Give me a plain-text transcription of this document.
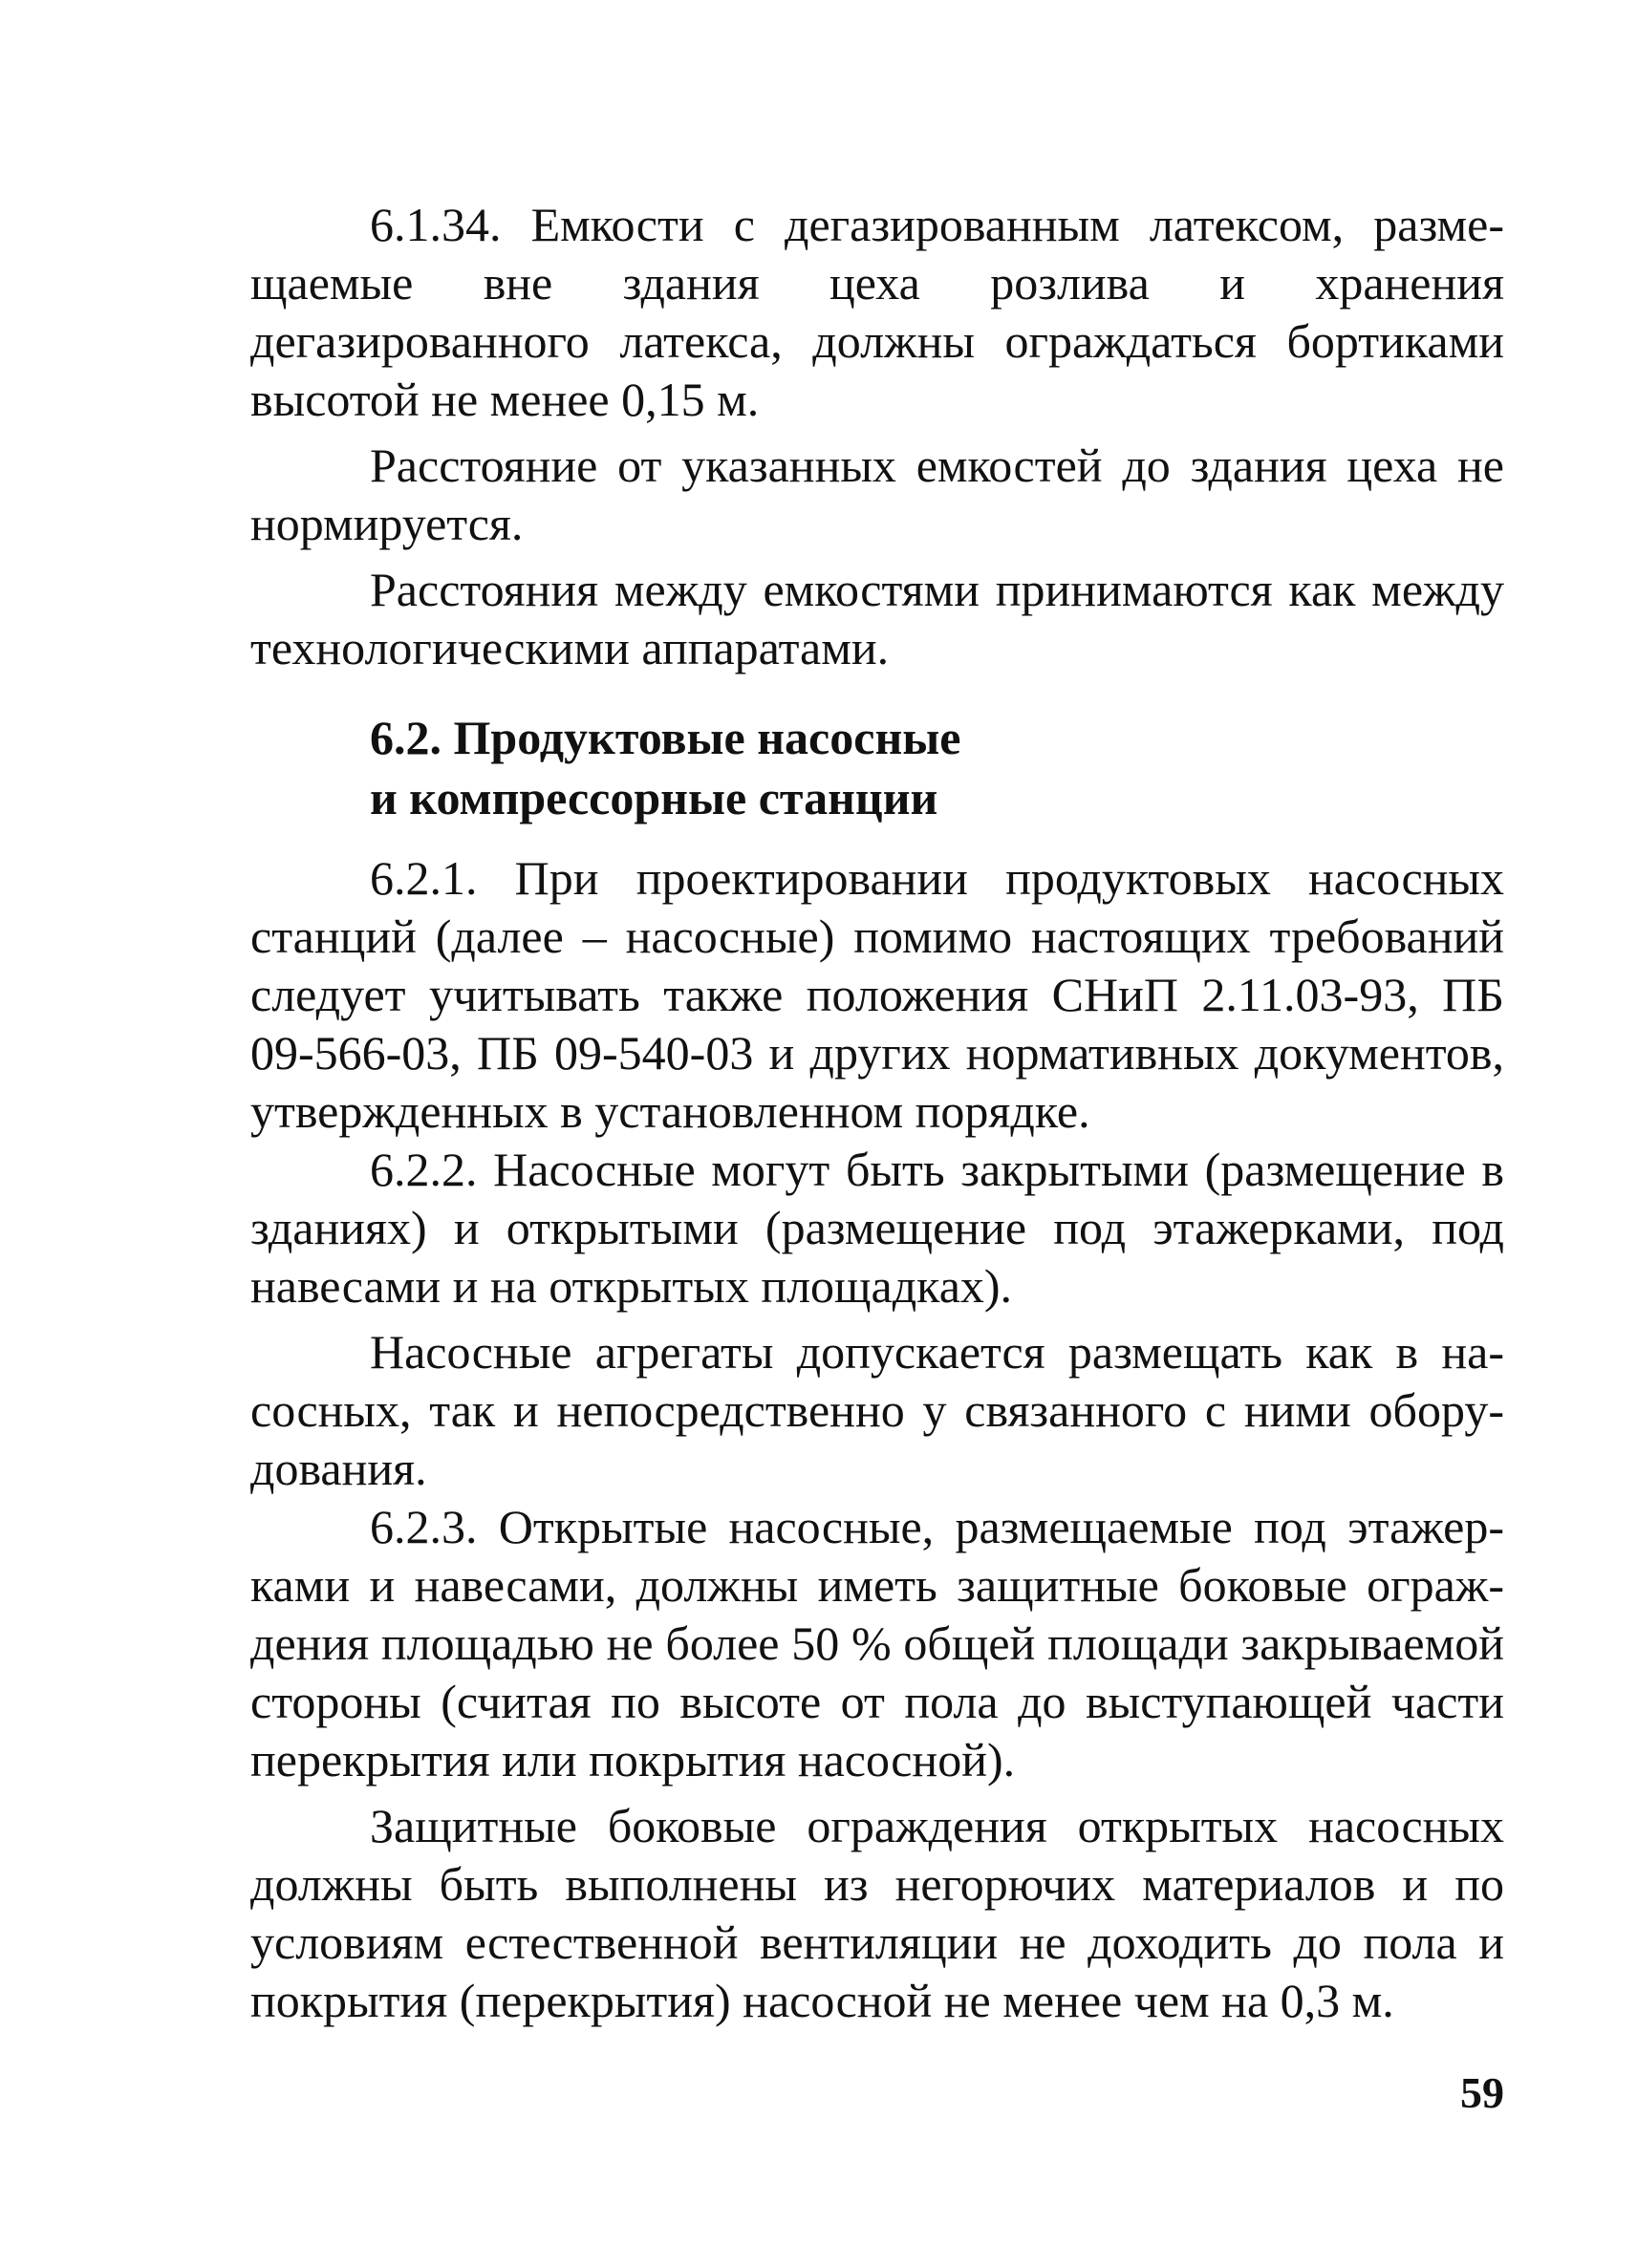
6.1.34. Емкости с дегазированным латексом, размещаемые вне здания цеха розлива и хранения дегазированного латекса, должны ограждаться бортиками высотой не менее 0,15 м.

Расстояние от указанных емкостей до здания цеха не нормируется.

Расстояния между емкостями принимаются как между технологическими аппаратами.

6.2. Продуктовые насосные

и компрессорные станции

6.2.1. При проектировании продуктовых насосных станций (далее – насосные) помимо настоящих требований следует учитывать также положения СНиП 2.11.03-93, ПБ 09-566-03, ПБ 09-540-03 и других нормативных документов, утвержденных в установленном порядке.

6.2.2. Насосные могут быть закрытыми (размещение в зданиях) и открытыми (размещение под этажерками, под навесами и на открытых площадках).

Насосные агрегаты допускается размещать как в насосных, так и непосредственно у связанного с ними оборудования.

6.2.3. Открытые насосные, размещаемые под этажерками и навесами, должны иметь защитные боковые ограждения площадью не более 50 % общей площади закрываемой стороны (считая по высоте от пола до выступающей части перекрытия или покрытия насосной).

Защитные боковые ограждения открытых насосных должны быть выполнены из негорючих материалов и по условиям естественной вентиляции не доходить до пола и покрытия (перекрытия) насосной не менее чем на 0,3 м.

59
